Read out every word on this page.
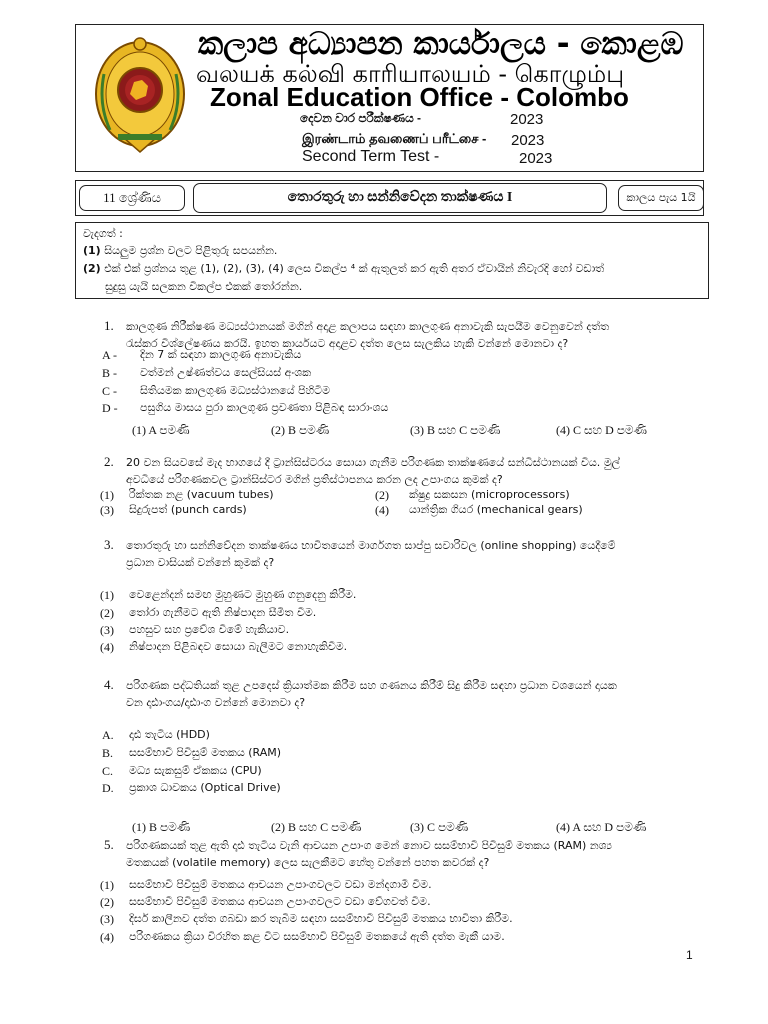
කලාප අධ්‍යාපන කාර්යාලය - කොළඹ
வலயக் கல்வி காரியாலயம் - கொழும்பு
Zonal Education Office - Colombo
දෙවන වාර පරීක්ෂණය -
இரண்டாம் தவணைப் பரீட்சை -
Second Term Test -
2023
2023
2023
11 ශ්‍රේණිය	තොරතුරු හා සන්නිවේදන තාක්ෂණය I	කාලය පැය 1යි
වැදගත් :
(1) සියලුම ප්‍රශ්න වලට පිළිතුරු සපයන්න.
(2) එක් එක් ප්‍රශ්නය තුළ (1), (2), (3), (4) ලෙස විකල්ප ⁴ ක් ඇතුලත් කර ඇති අතර ඒවායින් නිවැරදි හෝ වඩාත්
සුදුසු යැයි සලකන විකල්ප එකක් තෝරන්න.
1. කාලගුණ නිරීක්ෂණ මධ්‍යස්ථානයක් මගින් අදාළ කලාපය සඳහා කාලගුණ අනාවැකි සැපයීම වෙනුවෙන් දත්ත
රැස්කර විශ්ලේෂණය කරයි. ඉහත කාර්යයට අදාළව දත්ත ලෙස සැලකිය හැකි වන්නේ මොනවා ද?
A - දින 7 ක් සඳහා කාලගුණ අනාවැකිය
B - වත්මන් උෂ්ණත්වය සෙල්සියස් අංශක
C - සිතියමක කාලගුණ මධ්‍යස්ථානයේ පිහිටීම
D - පසුගිය මාසය පුරා කාලගුණ ප්‍රවණතා පිළිබඳ සාරාංශය
(1) A පමණි	(2) B පමණි	(3) B සහ C පමණි	(4) C සහ D පමණි
2. 20 වන සියවසේ මැද භාගයේ දී ට්‍රාන්සිස්ටරය සොයා ගැනීම පරිගණක තාක්ෂණයේ සන්ධිස්ථානයක් විය. මුල්
අවධියේ පරිගණකවල ට්‍රාන්සිස්ටර මගින් ප්‍රතිස්ථාපනය කරන ලද උපාංගය කුමක් ද?
(1) රික්තක නළ (vacuum tubes)	(2) ක්ෂුද්‍ර සකසන (microprocessors)
(3) සිදුරුපත් (punch cards)	(4) යාන්ත්‍රික ගියර (mechanical gears)
3. තොරතුරු හා සන්නිවේදන තාක්ෂණය භාවිතයෙන් මාර්ගගත සාප්පු සවාරිවල (online shopping) යෙදීමේ
ප්‍රධාන වාසියක් වන්නේ කුමක් ද?
(1) වෙළෙන්දන් සමඟ මුහුණට මුහුණ ගනුදෙනු කිරීම.
(2) තෝරා ගැනීමට ඇති නිෂ්පාදන සීමිත වීම.
(3) පහසුව සහ ප්‍රවේශ වීමේ හැකියාව.
(4) නිෂ්පාදන පිළිබඳව සොයා බැලීමට නොහැකිවීම.
4. පරිගණක පද්ධතියක් තුළ උපදෙස් ක්‍රියාත්මක කිරීම සහ ගණනය කිරීම් සිදු කිරීම සඳහා ප්‍රධාන වශයෙන් දායක
වන දෘඪාංගය/දෘඪාංග වන්නේ මොනවා ද?
A. දෘඪ තැටිය (HDD)
B. සසම්භාවී පිවිසුම් මතකය (RAM)
C. මධ්‍ය සැකසුම් ඒකකය (CPU)
D. ප්‍රකාශ ධාවකය (Optical Drive)
(1) B පමණි	(2) B සහ C පමණි	(3) C පමණි	(4) A සහ D පමණි
5. පරිගණකයක් තුළ ඇති දෘඪ තැටිය වැනි ආචයන උපාංග මෙන් නොව සසම්භාවී පිවිසුම් මතකය (RAM) නශ්‍ය
මතකයක් (volatile memory) ලෙස සැලකීමට හේතු වන්නේ පහත කවරක් ද?
(1) සසම්භාවී පිවිසුම් මතකය ආචයන උපාංගවලට වඩා මන්දගාමී වීම.
(2) සසම්භාවී පිවිසුම් මතකය ආචයන උපාංගවලට වඩා වේගවත් වීම.
(3) දිර්ඝ කාලීනව දත්ත ගබඩා කර තැබීම සඳහා සසම්භාවී පිවිසුම් මතකය භාවිතා කිරීම.
(4) පරිගණකය ක්‍රියා විරහිත කළ විට සසම්භාවී පිවිසුම් මතකයේ ඇති දත්ත මැකී යාම.
1
